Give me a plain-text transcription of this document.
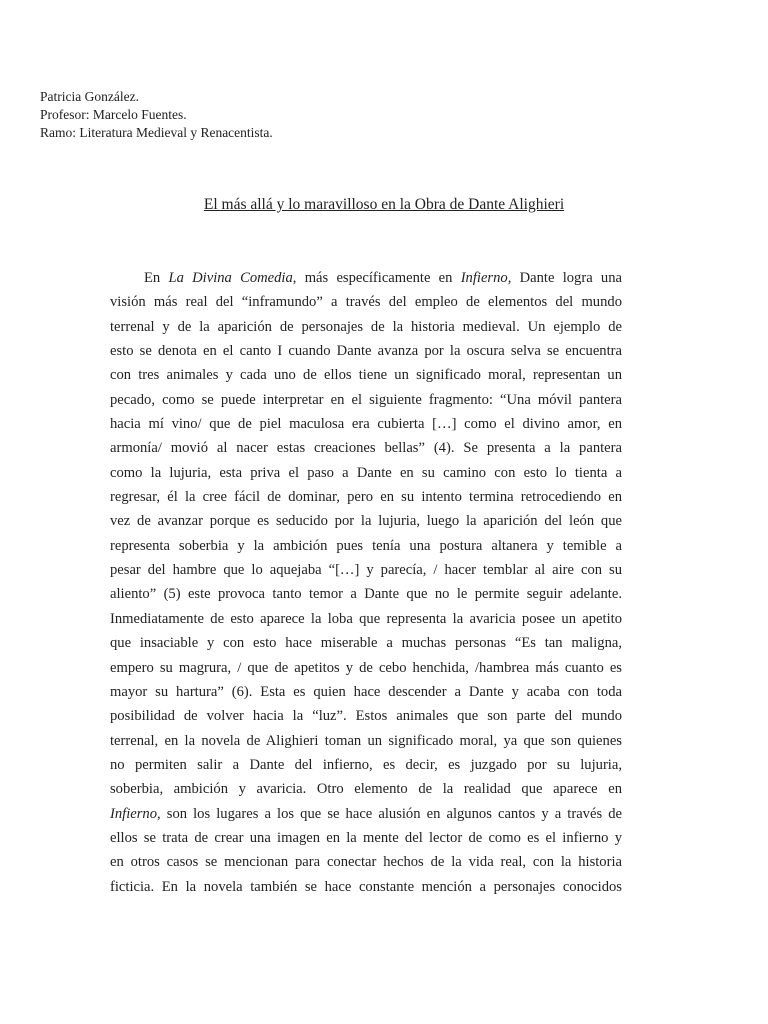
Patricia González.
Profesor: Marcelo Fuentes.
Ramo: Literatura Medieval y Renacentista.
El más allá y lo maravilloso en la Obra de Dante Alighieri
En La Divina Comedia, más específicamente en Infierno, Dante logra una
visión más real del “inframundo” a través del empleo de elementos del mundo
terrenal y de la aparición de personajes de la historia medieval. Un ejemplo de
esto se denota en el canto I cuando Dante avanza por la oscura selva se encuentra
con tres animales y cada uno de ellos tiene un significado moral, representan un
pecado, como se puede interpretar en el siguiente fragmento: “Una móvil pantera
hacia mí vino/ que de piel maculosa era cubierta […] como el divino amor, en
armonía/ movió al nacer estas creaciones bellas” (4). Se presenta a la pantera
como la lujuria, esta priva el paso a Dante en su camino con esto lo tienta a
regresar, él la cree fácil de dominar, pero en su intento termina retrocediendo en
vez de avanzar porque es seducido por la lujuria, luego la aparición del león que
representa soberbia y la ambición pues tenía una postura altanera y temible a
pesar del hambre que lo aquejaba “[…] y parecía, / hacer temblar al aire con su
aliento” (5) este provoca tanto temor a Dante que no le permite seguir adelante.
Inmediatamente de esto aparece la loba que representa la avaricia posee un apetito
que insaciable y con esto hace miserable a muchas personas “Es tan maligna,
empero su magrura, / que de apetitos y de cebo henchida, /hambrea más cuanto es
mayor su hartura” (6). Esta es quien hace descender a Dante y acaba con toda
posibilidad de volver hacia la “luz”. Estos animales que son parte del mundo
terrenal, en la novela de Alighieri toman un significado moral, ya que son quienes
no permiten salir a Dante del infierno, es decir, es juzgado por su lujuria,
soberbia, ambición y avaricia. Otro elemento de la realidad que aparece en
Infierno, son los lugares a los que se hace alusión en algunos cantos y a través de
ellos se trata de crear una imagen en la mente del lector de como es el infierno y
en otros casos se mencionan para conectar hechos de la vida real, con la historia
ficticia. En la novela también se hace constante mención a personajes conocidos
